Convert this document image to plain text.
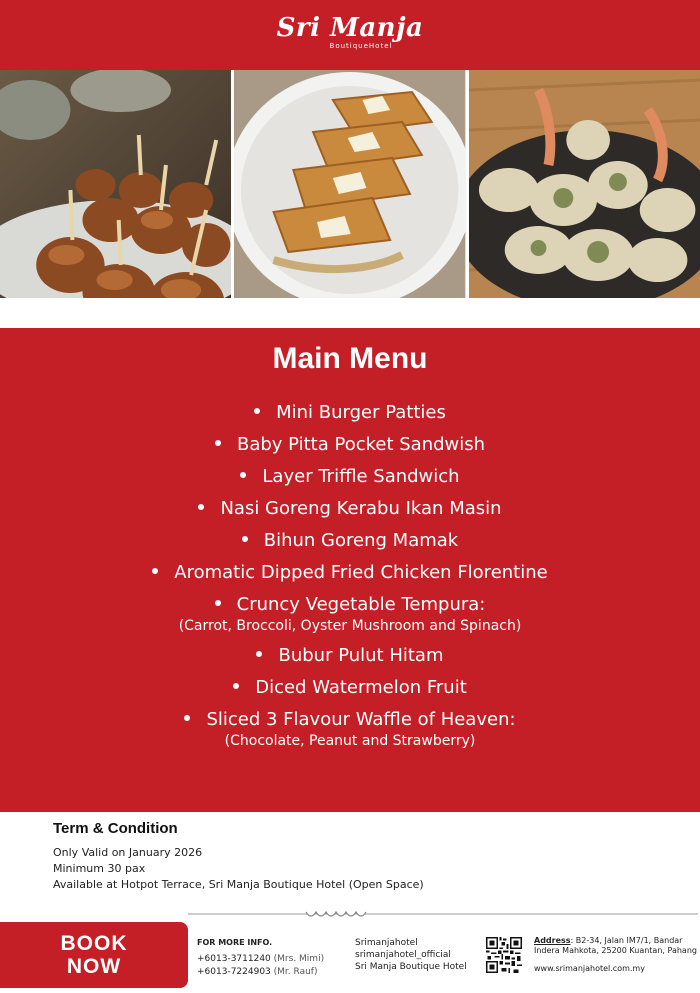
Sri Manja
BoutiqueHotel
Main Menu
Mini Burger Patties
Baby Pitta Pocket Sandwish
Layer Triffle Sandwich
Nasi Goreng Kerabu Ikan Masin
Bihun Goreng Mamak
Aromatic Dipped Fried Chicken Florentine
Cruncy Vegetable Tempura:
(Carrot, Broccoli, Oyster Mushroom and Spinach)
Bubur Pulut Hitam
Diced Watermelon Fruit
Sliced 3 Flavour Waffle of Heaven:
(Chocolate, Peanut and Strawberry)
Term & Condition
Only Valid on January 2026
Minimum 30 pax
Available at Hotpot Terrace, Sri Manja Boutique Hotel (Open Space)
BOOK
NOW
FOR MORE INFO.
+6013-3711240 (Mrs. Mimi)
+6013-7224903 (Mr. Rauf)
Srimanjahotel
srimanjahotel_official
Sri Manja Boutique Hotel
Address: B2-34, Jalan IM7/1, Bandar Indera Mahkota, 25200 Kuantan, Pahang
www.srimanjahotel.com.my
